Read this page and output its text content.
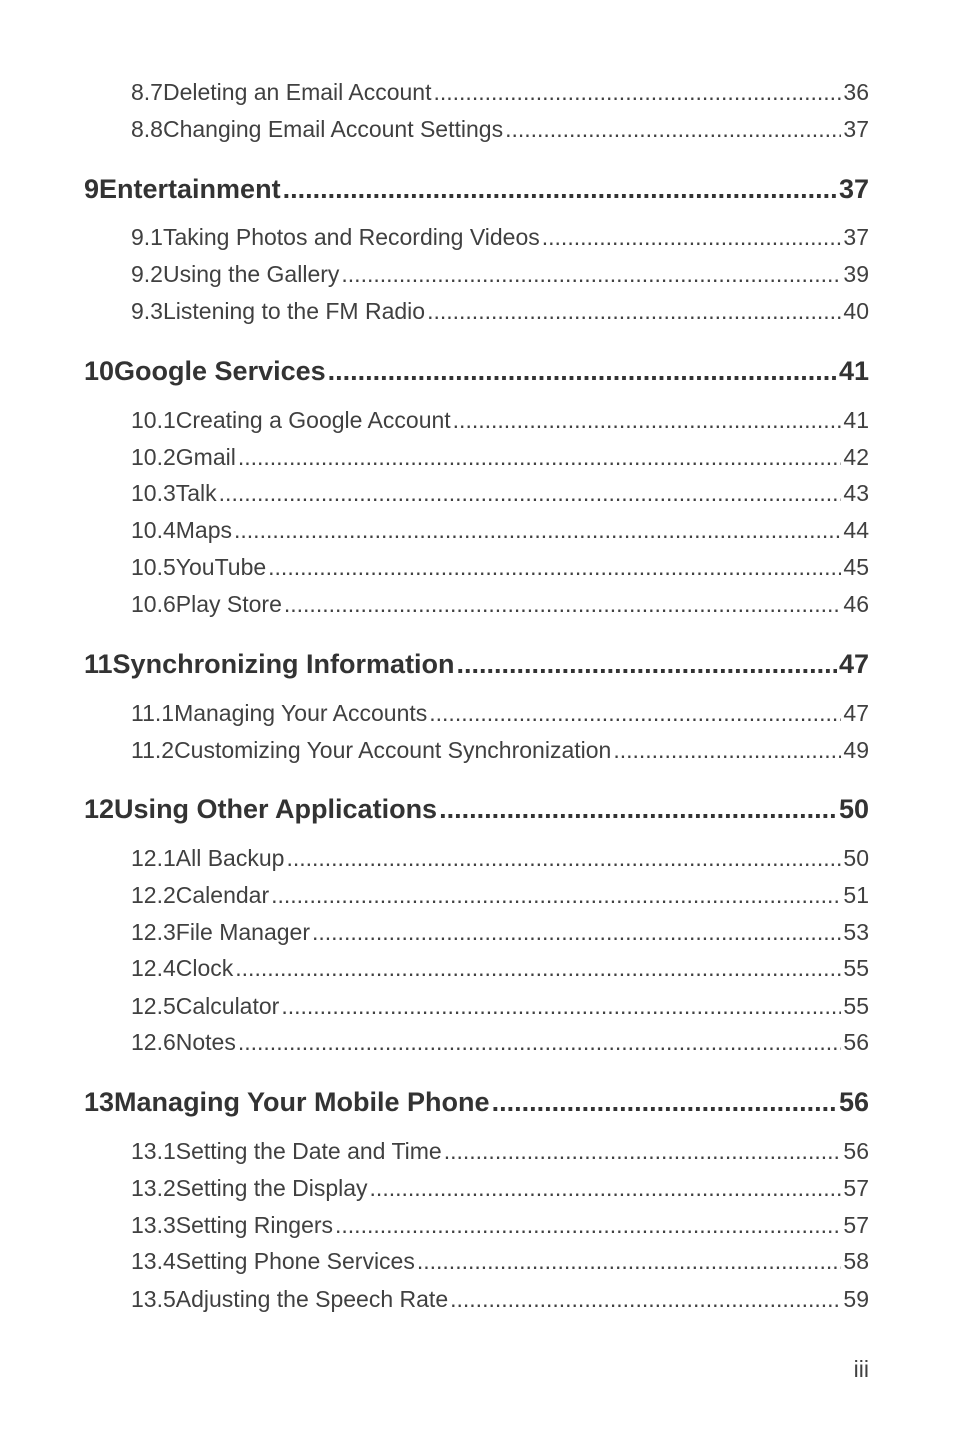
8.7 Deleting an Email Account .....	36
8.8 Changing Email Account Settings .....	37
9 Entertainment .....	37
9.1 Taking Photos and Recording Videos .....	37
9.2 Using the Gallery .....	39
9.3 Listening to the FM Radio .....	40
10 Google Services .....	41
10.1 Creating a Google Account .....	41
10.2 Gmail .....	42
10.3 Talk .....	43
10.4 Maps .....	44
10.5 YouTube .....	45
10.6 Play Store .....	46
11 Synchronizing Information .....	47
11.1 Managing Your Accounts .....	47
11.2 Customizing Your Account Synchronization .....	49
12 Using Other Applications .....	50
12.1 All Backup .....	50
12.2 Calendar .....	51
12.3 File Manager .....	53
12.4 Clock .....	55
12.5 Calculator .....	55
12.6 Notes .....	56
13 Managing Your Mobile Phone .....	56
13.1 Setting the Date and Time .....	56
13.2 Setting the Display .....	57
13.3 Setting Ringers .....	57
13.4 Setting Phone Services .....	58
13.5 Adjusting the Speech Rate .....	59
iii
